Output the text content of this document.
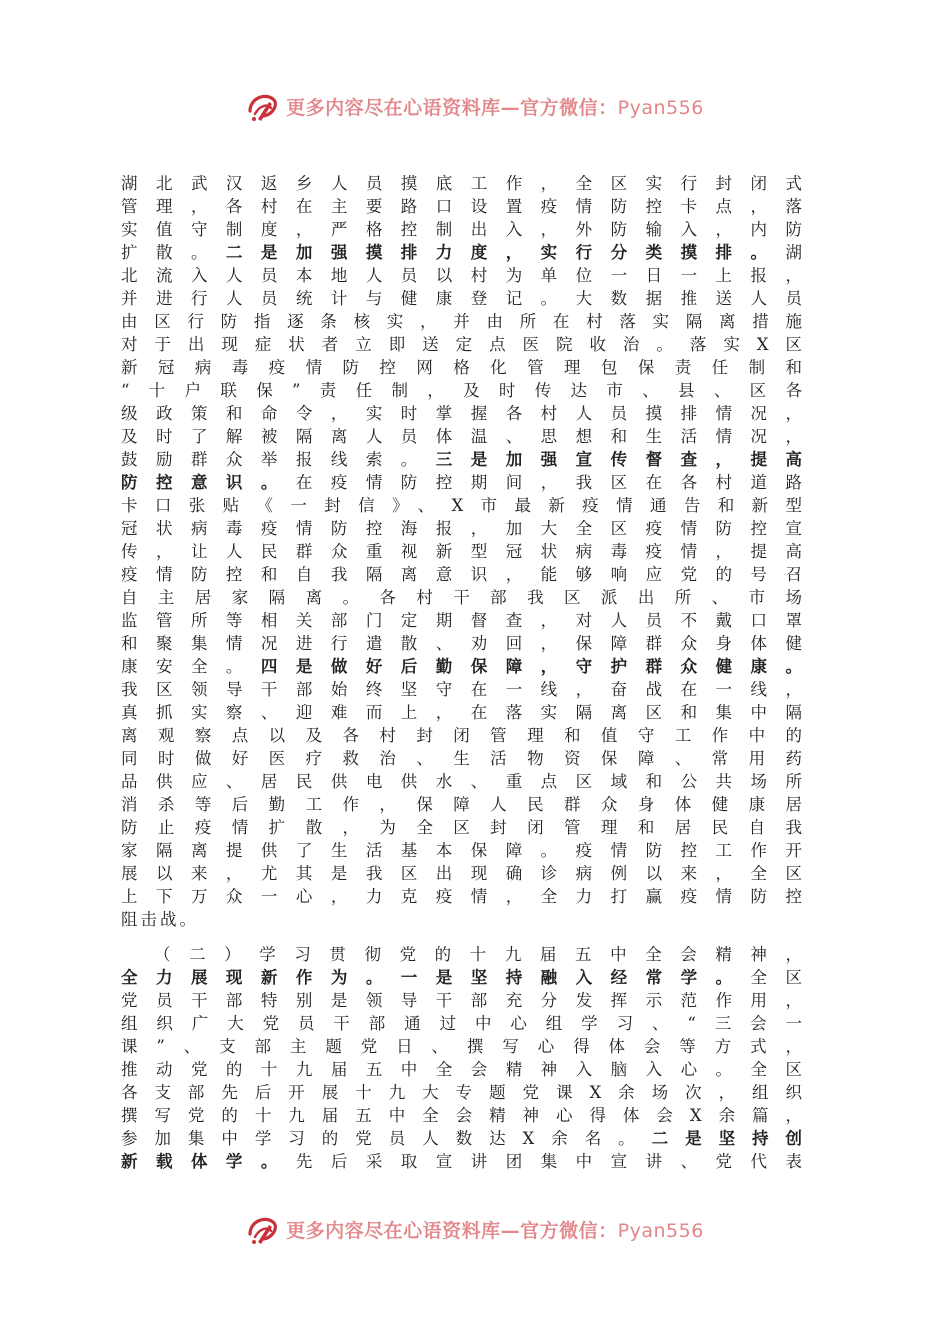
更多内容尽在心语资料库—官方微信：Pyan556

湖北武汉返乡人员摸底工作，全区实行封闭式

管理，各村在主要路口设置疫情防控卡点，落

实值守制度，严格控制出入，外防输入，内防

扩散。二是加强摸排力度，实行分类摸排。湖

北流入人员本地人员以村为单位一日一上报，

并进行人员统计与健康登记。大数据推送人员

由区行防指逐条核实，并由所在村落实隔离措施

对于出现症状者立即送定点医院收治。落实X区

新冠病毒疫情防控网格化管理包保责任制和

“十户联保”责任制，及时传达市、县、区各

级政策和命令，实时掌握各村人员摸排情况，

及时了解被隔离人员体温、思想和生活情况，

鼓励群众举报线索。三是加强宣传督查，提高

防控意识。在疫情防控期间，我区在各村道路

卡口张贴《一封信》、X市最新疫情通告和新型

冠状病毒疫情防控海报，加大全区疫情防控宣

传，让人民群众重视新型冠状病毒疫情，提高

疫情防控和自我隔离意识，能够响应党的号召

自主居家隔离。各村干部我区派出所、市场

监管所等相关部门定期督查，对人员不戴口罩

和聚集情况进行遣散、劝回，保障群众身体健

康安全。四是做好后勤保障，守护群众健康。

我区领导干部始终坚守在一线，奋战在一线，

真抓实察、迎难而上，在落实隔离区和集中隔

离观察点以及各村封闭管理和值守工作中的

同时做好医疗救治、生活物资保障、常用药

品供应、居民供电供水、重点区域和公共场所

消杀等后勤工作，保障人民群众身体健康居

防止疫情扩散，为全区封闭管理和居民自我

家隔离提供了生活基本保障。疫情防控工作开

展以来，尤其是我区出现确诊病例以来，全区

上下万众一心，力克疫情，全力打赢疫情防控

阻击战。

（二）学习贯彻党的十九届五中全会精神，

全力展现新作为。一是坚持融入经常学。全区

党员干部特别是领导干部充分发挥示范作用，

组织广大党员干部通过中心组学习、“三会一

课”、支部主题党日、撰写心得体会等方式，

推动党的十九届五中全会精神入脑入心。全区

各支部先后开展十九大专题党课X余场次，组织

撰写党的十九届五中全会精神心得体会X余篇，

参加集中学习的党员人数达X余名。二是坚持创

新载体学。先后采取宣讲团集中宣讲、党代表

更多内容尽在心语资料库—官方微信：Pyan556
